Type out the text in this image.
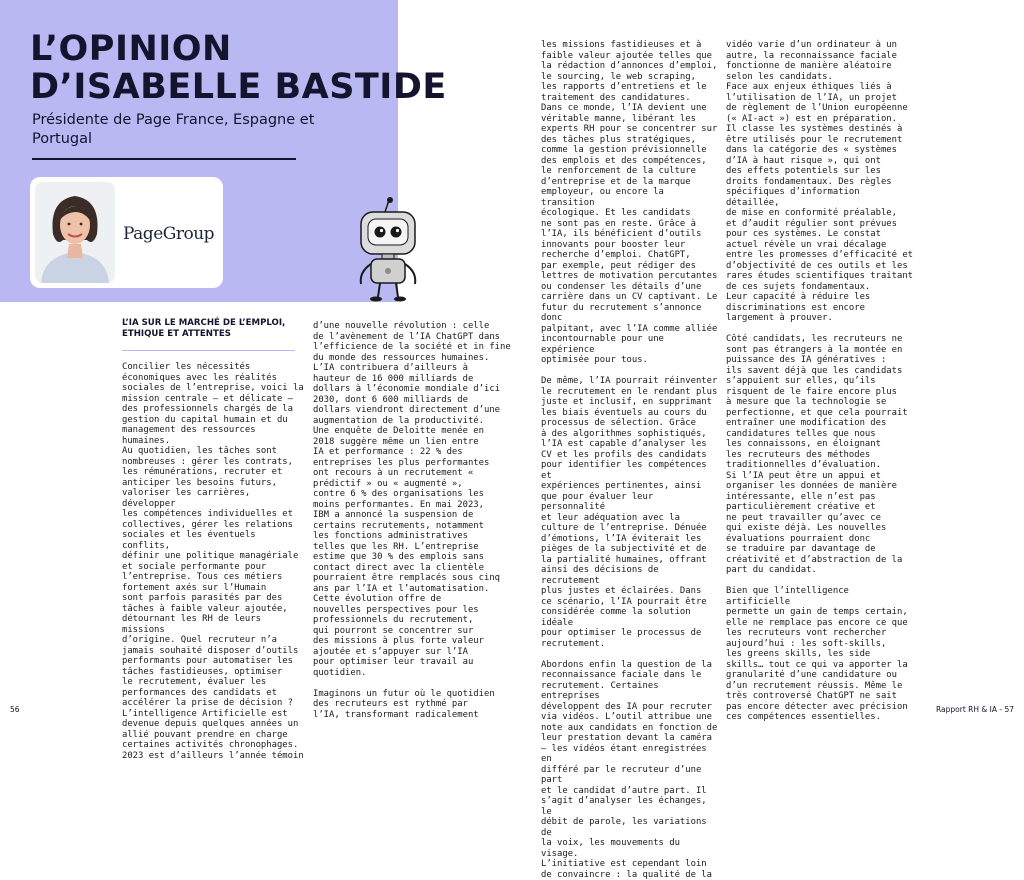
L’OPINION
D’ISABELLE BASTIDE

Présidente de Page France, Espagne et Portugal

PageGroup
L’IA SUR LE MARCHÉ DE L’EMPLOI,
ETHIQUE ET ATTENTES

Concilier les nécessités
économiques avec les réalités
sociales de l’entreprise, voici la
mission centrale – et délicate –
des professionnels chargés de la
gestion du capital humain et du
management des ressources humaines.
Au quotidien, les tâches sont
nombreuses : gérer les contrats,
les rémunérations, recruter et
anticiper les besoins futurs,
valoriser les carrières, développer
les compétences individuelles et
collectives, gérer les relations
sociales et les éventuels conflits,
définir une politique managériale
et sociale performante pour
l’entreprise. Tous ces métiers
fortement axés sur l’Humain
sont parfois parasités par des
tâches à faible valeur ajoutée,
détournant les RH de leurs missions
d’origine. Quel recruteur n’a
jamais souhaité disposer d’outils
performants pour automatiser les
tâches fastidieuses, optimiser
le recrutement, évaluer les
performances des candidats et
accélérer la prise de décision ?
L’intelligence Artificielle est
devenue depuis quelques années un
allié pouvant prendre en charge
certaines activités chronophages.
2023 est d’ailleurs l’année témoin

d’une nouvelle révolution : celle
de l’avènement de l’IA ChatGPT dans
l’efficience de la société et in fine
du monde des ressources humaines.
L’IA contribuera d’ailleurs à
hauteur de 16 000 milliards de
dollars à l’économie mondiale d’ici
2030, dont 6 600 milliards de
dollars viendront directement d’une
augmentation de la productivité.
Une enquête de Deloitte menée en
2018 suggère même un lien entre
IA et performance : 22 % des
entreprises les plus performantes
ont recours à un recrutement «
prédictif » ou « augmenté »,
contre 6 % des organisations les
moins performantes. En mai 2023,
IBM a annoncé la suspension de
certains recrutements, notamment
les fonctions administratives
telles que les RH. L’entreprise
estime que 30 % des emplois sans
contact direct avec la clientèle
pourraient être remplacés sous cinq
ans par l’IA et l’automatisation.
Cette évolution offre de
nouvelles perspectives pour les
professionnels du recrutement,
qui pourront se concentrer sur
des missions à plus forte valeur
ajoutée et s’appuyer sur l’IA
pour optimiser leur travail au
quotidien.

Imaginons un futur où le quotidien
des recruteurs est rythmé par
l’IA, transformant radicalement

les missions fastidieuses et à
faible valeur ajoutée telles que
la rédaction d’annonces d’emploi,
le sourcing, le web scraping,
les rapports d’entretiens et le
traitement des candidatures.
Dans ce monde, l’IA devient une
véritable manne, libérant les
experts RH pour se concentrer sur
des tâches plus stratégiques,
comme la gestion prévisionnelle
des emplois et des compétences,
le renforcement de la culture
d’entreprise et de la marque
employeur, ou encore la transition
écologique. Et les candidats
ne sont pas en reste. Grâce à
l’IA, ils bénéficient d’outils
innovants pour booster leur
recherche d’emploi. ChatGPT,
par exemple, peut rédiger des
lettres de motivation percutantes
ou condenser les détails d’une
carrière dans un CV captivant. Le
futur du recrutement s’annonce donc
palpitant, avec l’IA comme alliée
incontournable pour une expérience
optimisée pour tous.

De même, l’IA pourrait réinventer
le recrutement en le rendant plus
juste et inclusif, en supprimant
les biais éventuels au cours du
processus de sélection. Grâce
à des algorithmes sophistiqués,
l’IA est capable d’analyser les
CV et les profils des candidats
pour identifier les compétences et
expériences pertinentes, ainsi
que pour évaluer leur personnalité
et leur adéquation avec la
culture de l’entreprise. Dénuée
d’émotions, l’IA éviterait les
pièges de la subjectivité et de
la partialité humaines, offrant
ainsi des décisions de recrutement
plus justes et éclairées. Dans
ce scénario, l’IA pourrait être
considérée comme la solution idéale
pour optimiser le processus de
recrutement.

Abordons enfin la question de la
reconnaissance faciale dans le
recrutement. Certaines entreprises
développent des IA pour recruter
via vidéos. L’outil attribue une
note aux candidats en fonction de
leur prestation devant la caméra
– les vidéos étant enregistrées en
différé par le recruteur d’une part
et le candidat d’autre part. Il
s’agit d’analyser les échanges, le
débit de parole, les variations de
la voix, les mouvements du visage.
L’initiative est cependant loin
de convaincre : la qualité de la

vidéo varie d’un ordinateur à un
autre, la reconnaissance faciale
fonctionne de manière aléatoire
selon les candidats.
Face aux enjeux éthiques liés à
l’utilisation de l’IA, un projet
de règlement de l’Union européenne
(« AI-act ») est en préparation.
Il classe les systèmes destinés à
être utilisés pour le recrutement
dans la catégorie des « systèmes
d’IA à haut risque », qui ont
des effets potentiels sur les
droits fondamentaux. Des règles
spécifiques d’information détaillée,
de mise en conformité préalable,
et d’audit régulier sont prévues
pour ces systèmes. Le constat
actuel révèle un vrai décalage
entre les promesses d’efficacité et
d’objectivité de ces outils et les
rares études scientifiques traitant
de ces sujets fondamentaux.
Leur capacité à réduire les
discriminations est encore
largement à prouver.

Côté candidats, les recruteurs ne
sont pas étrangers à la montée en
puissance des IA génératives :
ils savent déjà que les candidats
s’appuient sur elles, qu’ils
risquent de le faire encore plus
à mesure que la technologie se
perfectionne, et que cela pourrait
entraîner une modification des
candidatures telles que nous
les connaissons, en éloignant
les recruteurs des méthodes
traditionnelles d’évaluation.
Si l’IA peut être un appui et
organiser les données de manière
intéressante, elle n’est pas
particulièrement créative et
ne peut travailler qu’avec ce
qui existe déjà. Les nouvelles
évaluations pourraient donc
se traduire par davantage de
créativité et d’abstraction de la
part du candidat.

Bien que l’intelligence artificielle
permette un gain de temps certain,
elle ne remplace pas encore ce que
les recruteurs vont rechercher
aujourd’hui : les soft-skills,
les greens skills, les side
skills… tout ce qui va apporter la
granularité d’une candidature ou
d’un recrutement réussis. Même le
très controversé ChatGPT ne sait
pas encore détecter avec précision
ces compétences essentielles.

56	Rapport RH & IA - 57
